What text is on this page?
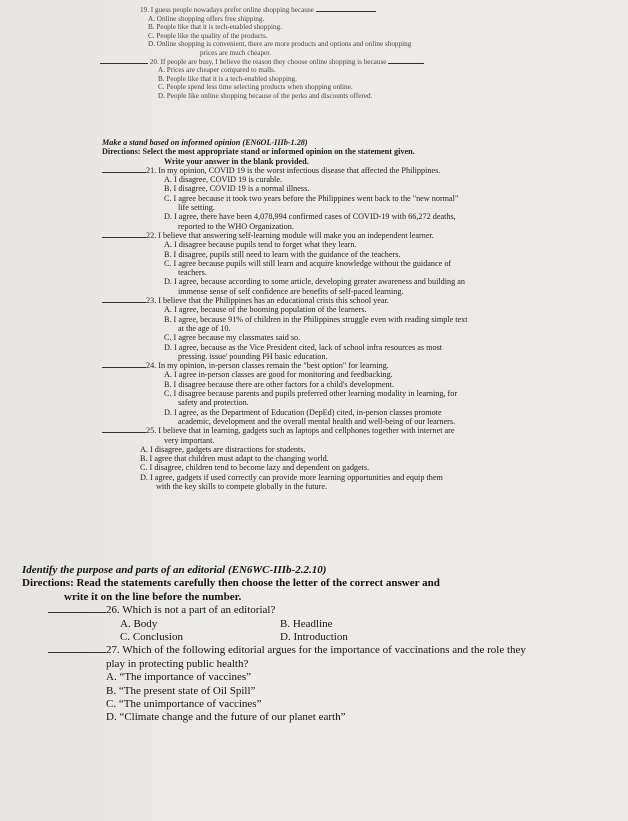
19. I guess people nowadays prefer online shopping because

A. Online shopping offers free shipping.

B. People like that it is tech-enabled shopping.

C. People like the quality of the products.

D. Online shopping is convenient, there are more products and options and online shopping

prices are much cheaper.

20. If people are busy, I believe the reason they choose online shopping is because

A. Prices are cheaper compared to malls.

B. People like that it is a tech-enabled shopping.

C. People spend less time selecting products when shopping online.

D. People like online shopping because of the perks and discounts offered.

Make a stand based on informed opinion (EN6OL-IIIb-1.28)

Directions: Select the most appropriate stand or informed opinion on the statement given.

Write your answer in the blank provided.

21. In my opinion, COVID 19 is the worst infectious disease that affected the Philippines.

A. I disagree, COVID 19 is curable.

B. I disagree, COVID 19 is a normal illness.

C. I agree because it took two years before the Philippines went back to the "new normal"

life setting.

D. I agree, there have been 4,078,994 confirmed cases of COVID-19 with 66,272 deaths,

reported to the WHO Organization.

22. I believe that answering self-learning module will make you an independent learner.

A. I disagree because pupils tend to forget what they learn.

B. I disagree, pupils still need to learn with the guidance of the teachers.

C. I agree because pupils will still learn and acquire knowledge without the guidance of

teachers.

D. I agree, because according to some article, developing greater awareness and building an

immense sense of self confidence are benefits of self-paced learning.

23. I believe that the Philippines has an educational crisis this school year.

A. I agree, because of the booming population of the learners.

B. I agree, because 91% of children in the Philippines struggle even with reading simple text

at the age of 10.

C. I agree because my classmates said so.

D. I agree, because as the Vice President cited, lack of school infra resources as most

pressing. issue' pounding PH basic education.

24. In my opinion, in-person classes remain the "best option" for learning.

A. I agree in-person classes are good for monitoring and feedbacking.

B. I disagree because there are other factors for a child's development.

C. I disagree because parents and pupils preferred other learning modality in learning, for

safety and protection.

D. I agree, as the Department of Education (DepEd) cited, in-person classes promote

academic, development and the overall mental health and well-being of our learners.

25. I believe that in learning, gadgets such as laptops and cellphones together with internet are

very important.

A. I disagree, gadgets are distractions for students.

B. I agree that children must adapt to the changing world.

C. I disagree, children tend to become lazy and dependent on gadgets.

D. I agree, gadgets if used correctly can provide more learning opportunities and equip them

with the key skills to compete globally in the future.

Identify the purpose and parts of an editorial (EN6WC-IIIb-2.2.10)

Directions: Read the statements carefully then choose the letter of the correct answer and

write it on the line before the number.

26. Which is not a part of an editorial?

A. Body	B. Headline
C. Conclusion	D. Introduction

27. Which of the following editorial argues for the importance of vaccinations and the role they

play in protecting public health?

A. “The importance of vaccines”

B. “The present state of Oil Spill”

C. “The unimportance of vaccines”

D. “Climate change and the future of our planet earth”
